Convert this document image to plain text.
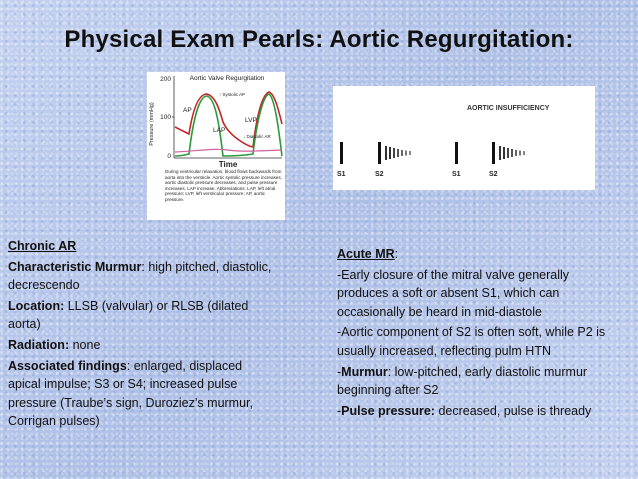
Physical Exam Pearls: Aortic Regurgitation:
Aortic Valve Regurgitation
Pressure (mmHg)
200
100
0
AP
LAP
LVP
↑ Systolic AP
↓ Diastolic AR
Time
During ventricular relaxation, blood flows backwards from aorta into the ventricle. Aortic systolic pressure increases, aortic diastolic pressure decreases, and pulse pressure increases. LAP increase. Abbreviations: LAP, left atrial pressure; LVP, left ventricular pressure; AP, aortic pressure.
AORTIC INSUFFICIENCY
S1	S2	S1	S2

Chronic AR

Characteristic Murmur: high pitched, diastolic, decrescendo

Location: LLSB (valvular) or RLSB (dilated aorta)

Radiation: none

Associated findings: enlarged, displaced apical impulse; S3 or S4; increased pulse pressure (Traube’s sign, Duroziez’s murmur, Corrigan pulses)

Acute MR:

-Early closure of the mitral valve generally produces a soft or absent S1, which can occasionally be heard in mid-diastole

-Aortic component of S2 is often soft, while P2 is usually increased, reflecting pulm HTN

-Murmur: low-pitched, early diastolic murmur beginning after S2

-Pulse pressure: decreased, pulse is thready
